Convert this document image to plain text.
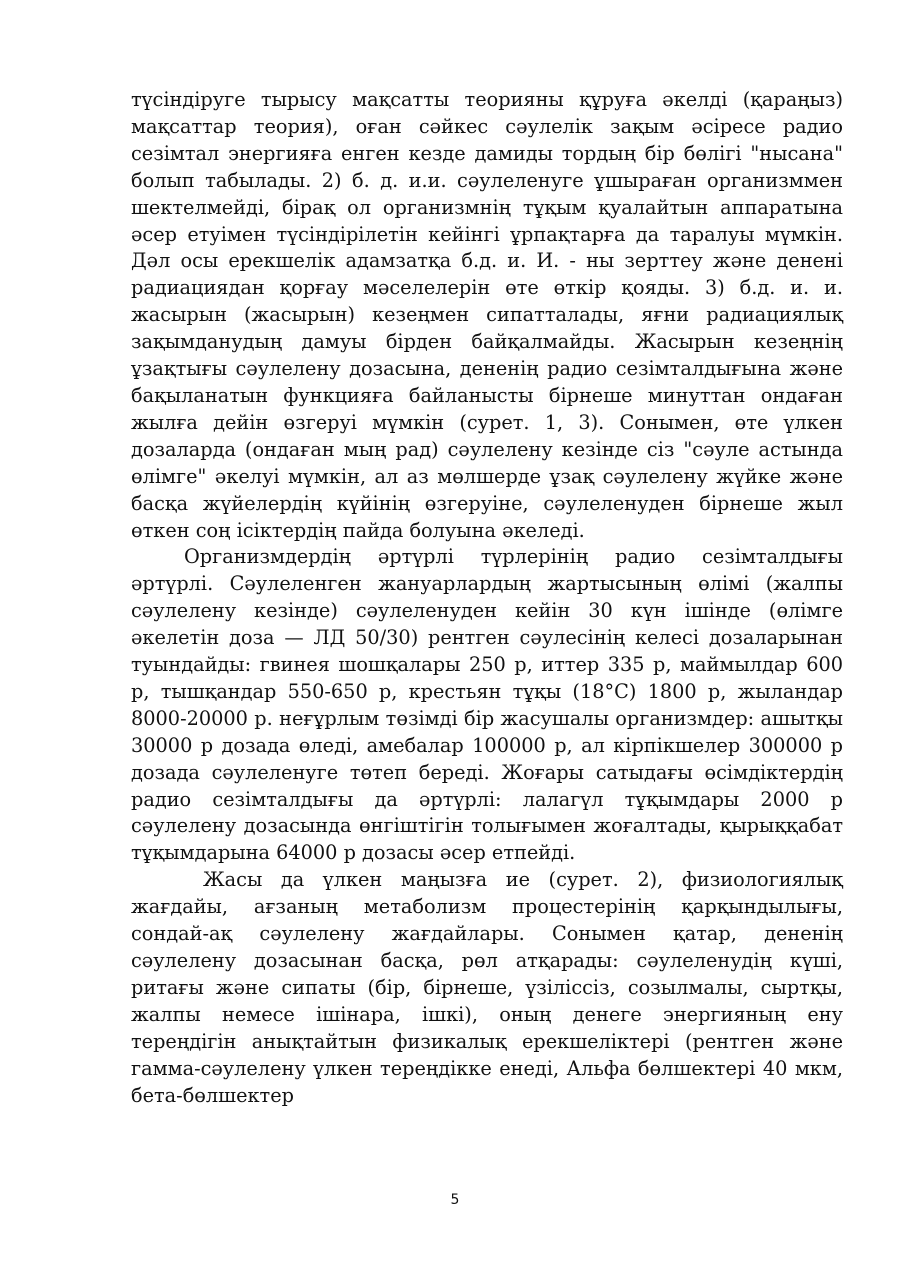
түсіндіруге тырысу мақсатты теорияны құруға әкелді (қараңыз) мақсаттар теория), оған сәйкес сәулелік зақым әсіресе радио сезімтал энергияға енген кезде дамиды тордың бір бөлігі "нысана" болып табылады. 2) б. д. и.и. сәулеленуге ұшыраған организммен шектелмейді, бірақ ол организмнің тұқым қуалайтын аппаратына әсер етуімен түсіндірілетін кейінгі ұрпақтарға да таралуы мүмкін. Дәл осы ерекшелік адамзатқа б.д. и. И. - ны зерттеу және денені радиациядан қорғау мәселелерін өте өткір қояды. 3) б.д. и. и. жасырын (жасырын) кезеңмен сипатталады, яғни радиациялық зақымданудың дамуы бірден байқалмайды. Жасырын кезеңнің ұзақтығы сәулелену дозасына, дененің радио сезімталдығына және бақыланатын функцияға байланысты бірнеше минуттан ондаған жылға дейін өзгеруі мүмкін (сурет. 1, 3). Сонымен, өте үлкен дозаларда (ондаған мың рад) сәулелену кезінде сіз "сәуле астында өлімге" әкелуі мүмкін, ал аз мөлшерде ұзақ сәулелену жүйке және басқа жүйелердің күйінің өзгеруіне, сәулеленуден бірнеше жыл өткен соң ісіктердің пайда болуына әкеледі.

Организмдердің әртүрлі түрлерінің радио сезімталдығы әртүрлі. Сәулеленген жануарлардың жартысының өлімі (жалпы сәулелену кезінде) сәулеленуден кейін 30 күн ішінде (өлімге әкелетін доза — ЛД 50/30) рентген сәулесінің келесі дозаларынан туындайды: гвинея шошқалары 250 р, иттер 335 р, маймылдар 600 р, тышқандар 550-650 р, крестьян тұқы (18°C) 1800 р, жыландар 8000-20000 р. неғұрлым төзімді бір жасушалы организмдер: ашытқы 30000 р дозада өледі, амебалар 100000 р, ал кірпікшелер 300000 р дозада сәулеленуге төтеп береді. Жоғары сатыдағы өсімдіктердің радио сезімталдығы да әртүрлі: лалагүл тұқымдары 2000 р сәулелену дозасында өнгіштігін толығымен жоғалтады, қырыққабат тұқымдарына 64000 р дозасы әсер етпейді.

Жасы да үлкен маңызға ие (сурет. 2), физиологиялық жағдайы, ағзаның метаболизм процестерінің қарқындылығы, сондай-ақ сәулелену жағдайлары. Сонымен қатар, дененің сәулелену дозасынан басқа, рөл атқарады: сәулеленудің күші, ритағы және сипаты (бір, бірнеше, үзіліссіз, созылмалы, сыртқы, жалпы немесе ішінара, ішкі), оның денеге энергияның ену тереңдігін анықтайтын физикалық ерекшеліктері (рентген және гамма-сәулелену үлкен тереңдікке енеді, Альфа бөлшектері 40 мкм, бета-бөлшектер

5
